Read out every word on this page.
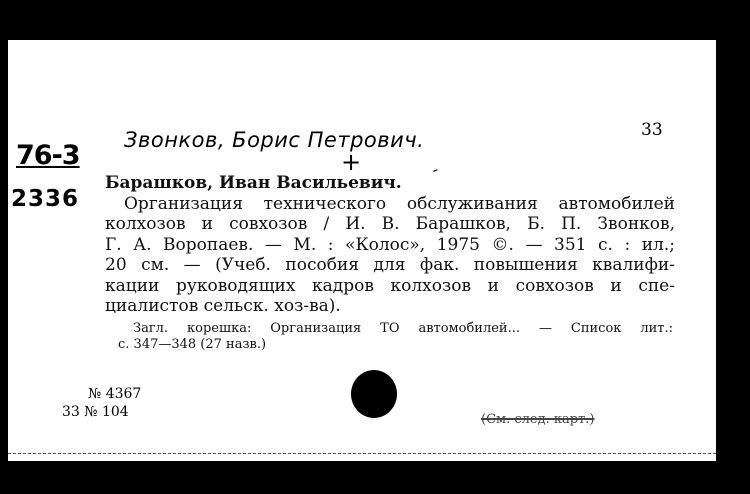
Звонков, Борис Петрович.
76-3
2336
+	-
33
Барашков, Иван Васильевич.
Организация технического обслуживания автомобилей
колхозов и совхозов / И. В. Барашков, Б. П. Звонков,
Г. А. Воропаев. — М. : «Колос», 1975 ©. — 351 с. : ил.;
20 см. — (Учеб. пособия для фак. повышения квалифи-
кации руководящих кадров колхозов и совхозов и спе-
циалистов сельск. хоз-ва).
Загл. корешка: Организация ТО автомобилей... — Список лит.:
с. 347—348 (27 назв.)
№ 4367
33 № 104	(См. след. карт.)
